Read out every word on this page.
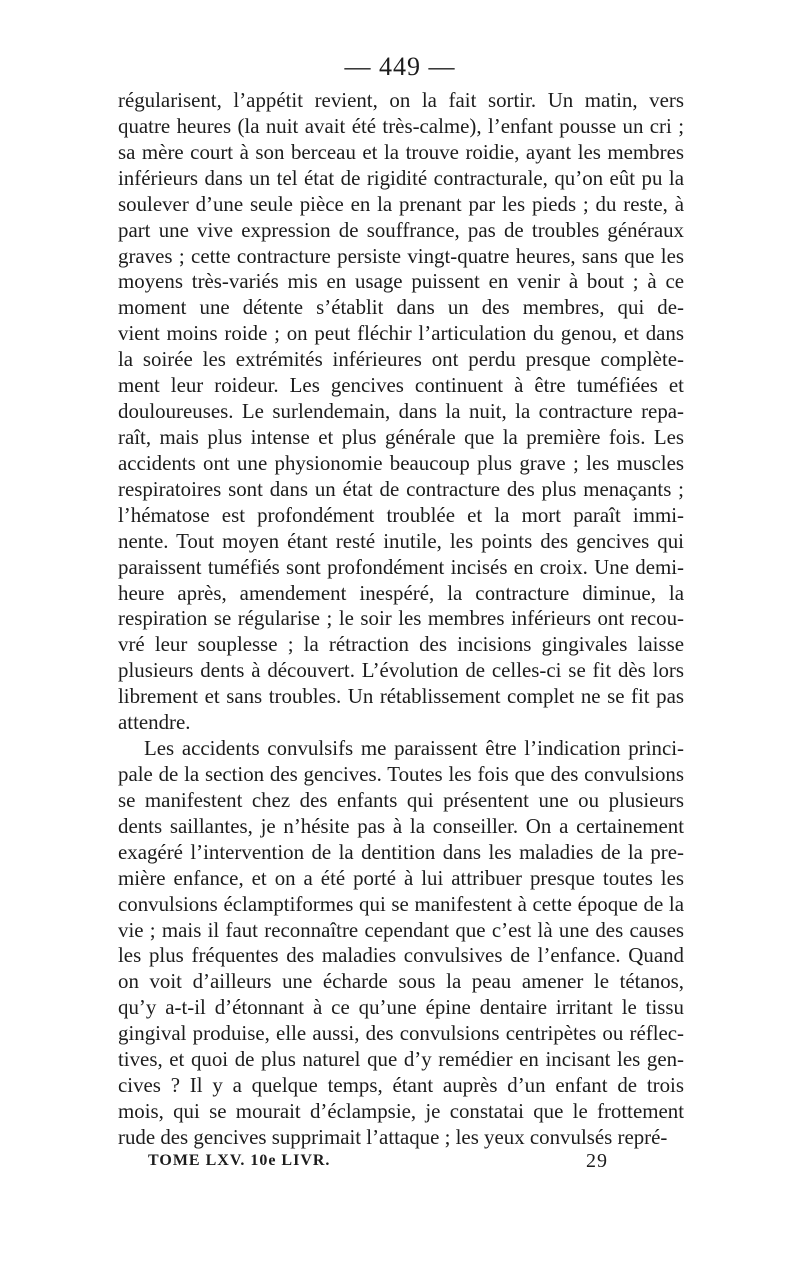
— 449 —
régularisent, l’appétit revient, on la fait sortir. Un matin, vers
quatre heures (la nuit avait été très-calme), l’enfant pousse un cri ;
sa mère court à son berceau et la trouve roidie, ayant les membres
inférieurs dans un tel état de rigidité contracturale, qu’on eût pu la
soulever d’une seule pièce en la prenant par les pieds ; du reste, à
part une vive expression de souffrance, pas de troubles généraux
graves ; cette contracture persiste vingt-quatre heures, sans que les
moyens très-variés mis en usage puissent en venir à bout ; à ce
moment une détente s’établit dans un des membres, qui de-
vient moins roide ; on peut fléchir l’articulation du genou, et dans
la soirée les extrémités inférieures ont perdu presque complète-
ment leur roideur. Les gencives continuent à être tuméfiées et
douloureuses. Le surlendemain, dans la nuit, la contracture repa-
raît, mais plus intense et plus générale que la première fois. Les
accidents ont une physionomie beaucoup plus grave ; les muscles
respiratoires sont dans un état de contracture des plus menaçants ;
l’hématose est profondément troublée et la mort paraît immi-
nente. Tout moyen étant resté inutile, les points des gencives qui
paraissent tuméfiés sont profondément incisés en croix. Une demi-
heure après, amendement inespéré, la contracture diminue, la
respiration se régularise ; le soir les membres inférieurs ont recou-
vré leur souplesse ; la rétraction des incisions gingivales laisse
plusieurs dents à découvert. L’évolution de celles-ci se fit dès lors
librement et sans troubles. Un rétablissement complet ne se fit pas
attendre.
Les accidents convulsifs me paraissent être l’indication princi-
pale de la section des gencives. Toutes les fois que des convulsions
se manifestent chez des enfants qui présentent une ou plusieurs
dents saillantes, je n’hésite pas à la conseiller. On a certainement
exagéré l’intervention de la dentition dans les maladies de la pre-
mière enfance, et on a été porté à lui attribuer presque toutes les
convulsions éclamptiformes qui se manifestent à cette époque de la
vie ; mais il faut reconnaître cependant que c’est là une des causes
les plus fréquentes des maladies convulsives de l’enfance. Quand
on voit d’ailleurs une écharde sous la peau amener le tétanos,
qu’y a-t-il d’étonnant à ce qu’une épine dentaire irritant le tissu
gingival produise, elle aussi, des convulsions centripètes ou réflec-
tives, et quoi de plus naturel que d’y remédier en incisant les gen-
cives ? Il y a quelque temps, étant auprès d’un enfant de trois
mois, qui se mourait d’éclampsie, je constatai que le frottement
rude des gencives supprimait l’attaque ; les yeux convulsés repré-
TOME LXV. 10e LIVR.	29
